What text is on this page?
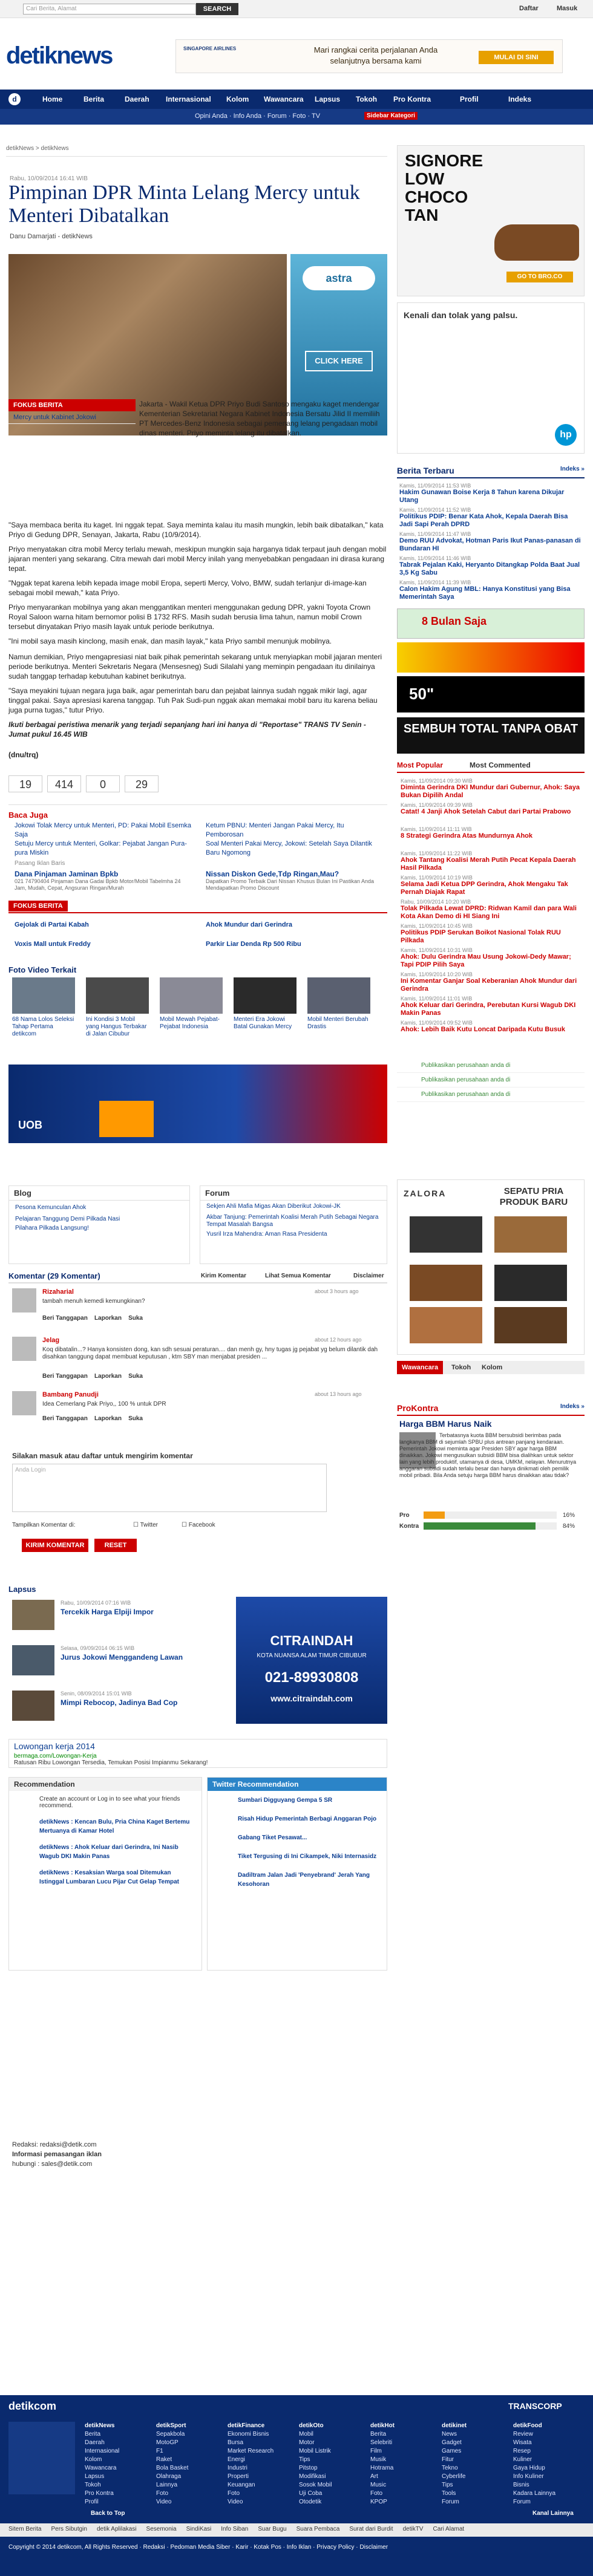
Cari Berita, Alamat	SEARCH	Daftar	Masuk
detiknews	SINGAPORE AIRLINES	Mari rangkai cerita perjalanan Anda selanjutnya bersama kami	MULAI DI SINI
d	Home	Berita	Daerah Internasional Kolom Wawancara Lapsus Tokoh Pro Kontra	Profil	Indeks
Opini Anda · Info Anda · Forum · Foto · TV	Sidebar Kategori
detikNews > detikNews
Rabu, 10/09/2014 16:41 WIB
Pimpinan DPR Minta Lelang Mercy untuk Menteri Dibatalkan
Danu Damarjati - detikNews
astra
CLICK HERE
FOKUS BERITA
Mercy untuk Kabinet Jokowi
Jakarta - Wakil Ketua DPR Priyo Budi Santoso mengaku kaget mendengar Kementerian Sekretariat Negara Kabinet Indonesia Bersatu Jilid II memiliih PT Mercedes-Benz Indonesia sebagai pemenang lelang pengadaan mobil dinas menteri. Priyo meminta lelang itu dibatalkan.
"Saya membaca berita itu kaget. Ini nggak tepat. Saya meminta kalau itu masih mungkin, lebih baik dibatalkan," kata Priyo di Gedung DPR, Senayan, Jakarta, Rabu (10/9/2014).
Priyo menyatakan citra mobil Mercy terlalu mewah, meskipun mungkin saja harganya tidak terpaut jauh dengan mobil jajaran menteri yang sekarang. Citra mewah dari mobil Mercy inilah yang menyebabkan pengadaan ini dirasa kurang tepat.
"Nggak tepat karena lebih kepada image mobil Eropa, seperti Mercy, Volvo, BMW, sudah terlanjur di-image-kan sebagai mobil mewah," kata Priyo.
Priyo menyarankan mobilnya yang akan menggantikan menteri menggunakan gedung DPR, yakni Toyota Crown Royal Saloon warna hitam bernomor polisi B 1732 RFS. Masih sudah berusia lima tahun, namun mobil Crown tersebut dinyatakan Priyo masih layak untuk periode berikutnya.
"Ini mobil saya masih kinclong, masih enak, dan masih layak," kata Priyo sambil menunjuk mobilnya.
Namun demikian, Priyo mengapresiasi niat baik pihak pemerintah sekarang untuk menyiapkan mobil jajaran menteri periode berikutnya. Menteri Sekretaris Negara (Mensesneg) Sudi Silalahi yang meminpin pengadaan itu dinilainya sudah tanggap terhadap kebutuhan kabinet berikutnya.
"Saya meyakini tujuan negara juga baik, agar pemerintah baru dan pejabat lainnya sudah nggak mikir lagi, agar tinggal pakai. Saya apresiasi karena tanggap. Tuh Pak Sudi-pun nggak akan memakai mobil baru itu karena beliau juga purna tugas," tutur Priyo.
Ikuti berbagai peristiwa menarik yang terjadi sepanjang hari ini hanya di "Reportase" TRANS TV Senin - Jumat pukul 16.45 WIB
(dnu/trq)
19	414	0	29
Baca Juga
Jokowi Tolak Mercy untuk Menteri, PD: Pakai Mobil Esemka Saja
Setuju Mercy untuk Menteri, Golkar: Pejabat Jangan Pura-pura Miskin
Ketum PBNU: Menteri Jangan Pakai Mercy, Itu Pemborosan
Soal Menteri Pakai Mercy, Jokowi: Setelah Saya Dilantik Baru Ngomong
Pasang Iklan Baris
Dana Pinjaman Jaminan Bpkb
021 74790404 Pinjaman Dana Gadai Bpkb Motor/Mobil Tabelmha 24 Jam, Mudah, Cepat, Angsuran Ringan/Murah
Nissan Diskon Gede,Tdp Ringan,Mau?
Dapatkan Promo Terbaik Dari Nissan Khusus Bulan Ini Pastikan Anda Mendapatkan Promo Discount
FOKUS BERITA
Gejolak di Partai Kabah
Voxis Mall untuk Freddy
Ahok Mundur dari Gerindra
Parkir Liar Denda Rp 500 Ribu
Foto Video Terkait
68 Nama Lolos Seleksi Tahap Pertama detikcom
Ini Kondisi 3 Mobil yang Hangus Terbakar di Jalan Cibubur
Mobil Mewah Pejabat-Pejabat Indonesia
Menteri Era Jokowi Batal Gunakan Mercy
Mobil Menteri Berubah Drastis
UOB
Blog
Pesona Kemunculan Ahok
Pelajaran Tanggung Demi Pilkada Nasi
Pilahara Pilkada Langsung!
Forum
Sekjen Ahli Mafia Migas Akan Diberikut Jokowi-JK
Akbar Tanjung: Pemerintah Koalisi Merah Putih Sebagai Negara Tempat Masalah Bangsa
Yusril Irza Mahendra: Aman Rasa Presidenta
Komentar (29 Komentar)	Kirim Komentar	Lihat Semua Komentar	Disclaimer
Rizaharial	about 3 hours ago
tambah menuh kemedi kemungkinan?
Beri Tanggapan Laporkan Suka
Jelag	about 12 hours ago
Koq dibatalin...? Hanya konsisten dong, kan sdh sesuai peraturan.... dan menh gy, hny tugas jg pejabat yg belum dilantik dah disahkan tanggung dapat membuat keputusan , ktm SBY man menjabat presiden ...
Beri Tanggapan Laporkan Suka
Bambang Panudji	about 13 hours ago
Idea Cemerlang Pak Priyo,, 100 % untuk DPR
Beri Tanggapan Laporkan Suka
Silakan masuk atau daftar untuk mengirim komentar
Anda Login
Tampilkan Komentar di:	☐ Twitter	☐ Facebook
KIRIM KOMENTAR	RESET
Lapsus
Rabu, 10/09/2014 07:16 WIB
Tercekik Harga Elpiji Impor
Selasa, 09/09/2014 06:15 WIB
Jurus Jokowi Menggandeng Lawan
Senin, 08/09/2014 15:01 WIB
Mimpi Rebocop, Jadinya Bad Cop
CITRAINDAH
KOTA NUANSA ALAM TIMUR CIBUBUR
021-89930808
www.citraindah.com
Lowongan kerja 2014
bermaga.com/Lowongan-Kerja
Ratusan Ribu Lowongan Tersedia, Temukan Posisi Impianmu Sekarang!
Recommendation
Create an account or Log in to see what your friends recommend.
detikNews : Kencan Bulu, Pria China Kaget Bertemu Mertuanya di Kamar Hotel
detikNews : Ahok Keluar dari Gerindra, Ini Nasib Wagub DKI Makin Panas
detikNews : Kesaksian Warga soal Ditemukan Istinggal Lumbaran Lucu Pijar Cut Gelap Tempat
Twitter Recommendation
Sumbari Digguyang Gempa 5 SR
Risah Hidup Pemerintah Berbagi Anggaran Pojo
Gabang Tiket Pesawat...
Tiket Tergusing di Ini Cikampek, Niki Internasidz
Dadiltram Jalan Jadi 'Penyebrand' Jerah Yang Kesohoran
Redaksi: redaksi@detik.com
Informasi pemasangan iklan
hubungi : sales@detik.com
SIGNORE LOW CHOCO TAN
GO TO BRO.CO
Kenali dan tolak yang palsu.
hp
Berita Terbaru	Indeks »
Kamis, 11/09/2014 11:53 WIB
Hakim Gunawan Boise Kerja 8 Tahun karena Dikujar Utang
Kamis, 11/09/2014 11:52 WIB
Politikus PDIP: Benar Kata Ahok, Kepala Daerah Bisa Jadi Sapi Perah DPRD
Kamis, 11/09/2014 11:47 WIB
Demo RUU Advokat, Hotman Paris Ikut Panas-panasan di Bundaran HI
Kamis, 11/09/2014 11:46 WIB
Tabrak Pejalan Kaki, Heryanto Ditangkap Polda Baat Jual 3,5 Kg Sabu
Kamis, 11/09/2014 11:39 WIB
Calon Hakim Agung MBL: Hanya Konstitusi yang Bisa Memerintah Saya
8 Bulan Saja
50"
SEMBUH TOTAL TANPA OBAT
Most Popular	Most Commented
Kamis, 11/09/2014 09:30 WIB
Diminta Gerindra DKI Mundur dari Gubernur, Ahok: Saya Bukan Dipilih Andal
Kamis, 11/09/2014 09:39 WIB
Catat! 4 Janji Ahok Setelah Cabut dari Partai Prabowo
Kamis, 11/09/2014 11:11 WIB
8 Strategi Gerindra Atas Mundurnya Ahok
Kamis, 11/09/2014 11:22 WIB
Ahok Tantang Koalisi Merah Putih Pecat Kepala Daerah Hasil Pilkada
Kamis, 11/09/2014 10:19 WIB
Selama Jadi Ketua DPP Gerindra, Ahok Mengaku Tak Pernah Diajak Rapat
Rabu, 10/09/2014 10:20 WIB
Tolak Pilkada Lewat DPRD: Ridwan Kamil dan para Wali Kota Akan Demo di HI Siang Ini
Kamis, 11/09/2014 10:45 WIB
Politikus PDIP Serukan Boikot Nasional Tolak RUU Pilkada
Kamis, 11/09/2014 10:31 WIB
Ahok: Dulu Gerindra Mau Usung Jokowi-Dedy Mawar; Tapi PDIP Pilih Saya
Kamis, 11/09/2014 10:20 WIB
Ini Komentar Ganjar Soal Keberanian Ahok Mundur dari Gerindra
Kamis, 11/09/2014 11:01 WIB
Ahok Keluar dari Gerindra, Perebutan Kursi Wagub DKI Makin Panas
Kamis, 11/09/2014 09:52 WIB
Ahok: Lebih Baik Kutu Loncat Daripada Kutu Busuk
Publikasikan perusahaan anda di
Publikasikan perusahaan anda di
Publikasikan perusahaan anda di
ZALORA	SEPATU PRIA PRODUK BARU
Wawancara	Tokoh Kolom
ProKontra	Indeks »
Harga BBM Harus Naik
Terbatasnya kuota BBM bersubsidi berimbas pada langkanya BBM di sejumlah SPBU plus antrean panjang kendaraan. Pemerintah Jokowi meminta agar Presiden SBY agar harga BBM dinaikkan. Jokowi mengusulkan subsidi BBM bisa dialihkan untuk sektor lain yang lebih produktif, utamanya di desa, UMKM, nelayan. Menurutnya anggaran subsidi sudah terlalu besar dan hanya dinikmati oleh pemilik mobil pribadi. Bila Anda setuju harga BBM harus dinaikkan atau tidak?
Pro	16%
Kontra	84%
detikcom	TRANSCORP
detikNews
Berita
Daerah
Internasional
Kolom
Wawancara
Lapsus
Tokoh
Pro Kontra
Profil
detikSport
Sepakbola
MotoGP
F1
Raket
Bola Basket
Olahraga
Lainnya
Foto
Video
detikFinance
Ekonomi Bisnis
Bursa
Market Research
Energi
Industri
Properti
Keuangan
Foto
Video
detikOto
Mobil
Motor
Mobil Listrik
Tips
Pitstop
Modifikasi
Sosok Mobil
Uji Coba
Otodetik
detikHot
Berita
Selebriti
Film
Musik
Hotrama
Art
Music
Foto
KPOP
detikinet
News
Gadget
Games
Fitur
Tekno
Cyberlife
Tips
Tools
Forum
detikFood
Review
Wisata
Resep
Kuliner
Gaya Hidup
Info Kuliner
Bisnis
Kadara Lainnya
Forum
Back to Top	Kanal Lainnya
Sitem Berita Pers Sibutgin detik Aplilakasi Sesemonia SindiKasi Info Siban Suar Bugu Suara Pembaca Surat dari Burdit detikTV Cari Alamat
Copyright © 2014 detikcom, All Rights Reserved · Redaksi · Pedoman Media Siber · Karir · Kotak Pos · Info Iklan · Privacy Policy · Disclaimer
